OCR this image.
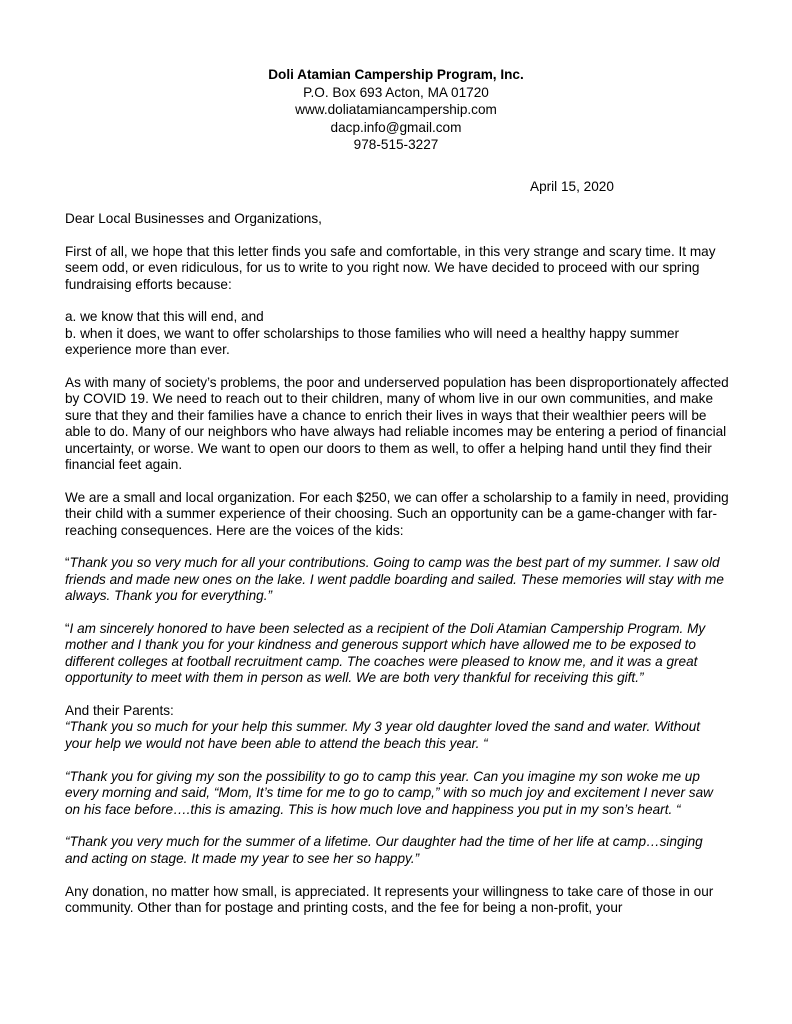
Doli Atamian Campership Program, Inc.
P.O. Box 693 Acton, MA 01720
www.doliatamiancampership.com
dacp.info@gmail.com
978-515-3227
April 15, 2020

Dear Local Businesses and Organizations,

First of all, we hope that this letter finds you safe and comfortable, in this very strange and scary time. It may seem odd, or even ridiculous, for us to write to you right now. We have decided to proceed with our spring fundraising efforts because:

a. we know that this will end, and
b. when it does, we want to offer scholarships to those families who will need a healthy happy summer experience more than ever.

As with many of society’s problems, the poor and underserved population has been disproportionately affected by COVID 19. We need to reach out to their children, many of whom live in our own communities, and make sure that they and their families have a chance to enrich their lives in ways that their wealthier peers will be able to do. Many of our neighbors who have always had reliable incomes may be entering a period of financial uncertainty, or worse. We want to open our doors to them as well, to offer a helping hand until they find their financial feet again.

We are a small and local organization. For each $250, we can offer a scholarship to a family in need, providing their child with a summer experience of their choosing. Such an opportunity can be a game-changer with far-reaching consequences. Here are the voices of the kids:

“Thank you so very much for all your contributions. Going to camp was the best part of my summer. I saw old friends and made new ones on the lake. I went paddle boarding and sailed. These memories will stay with me always. Thank you for everything.”

“I am sincerely honored to have been selected as a recipient of the Doli Atamian Campership Program. My mother and I thank you for your kindness and generous support which have allowed me to be exposed to different colleges at football recruitment camp. The coaches were pleased to know me, and it was a great opportunity to meet with them in person as well. We are both very thankful for receiving this gift.”

And their Parents:
“Thank you so much for your help this summer. My 3 year old daughter loved the sand and water. Without your help we would not have been able to attend the beach this year. “

“Thank you for giving my son the possibility to go to camp this year. Can you imagine my son woke me up every morning and said, “Mom, It’s time for me to go to camp,” with so much joy and excitement I never saw on his face before….this is amazing. This is how much love and happiness you put in my son’s heart. “

“Thank you very much for the summer of a lifetime. Our daughter had the time of her life at camp…singing and acting on stage. It made my year to see her so happy.”

Any donation, no matter how small, is appreciated. It represents your willingness to take care of those in our community. Other than for postage and printing costs, and the fee for being a non-profit, your
